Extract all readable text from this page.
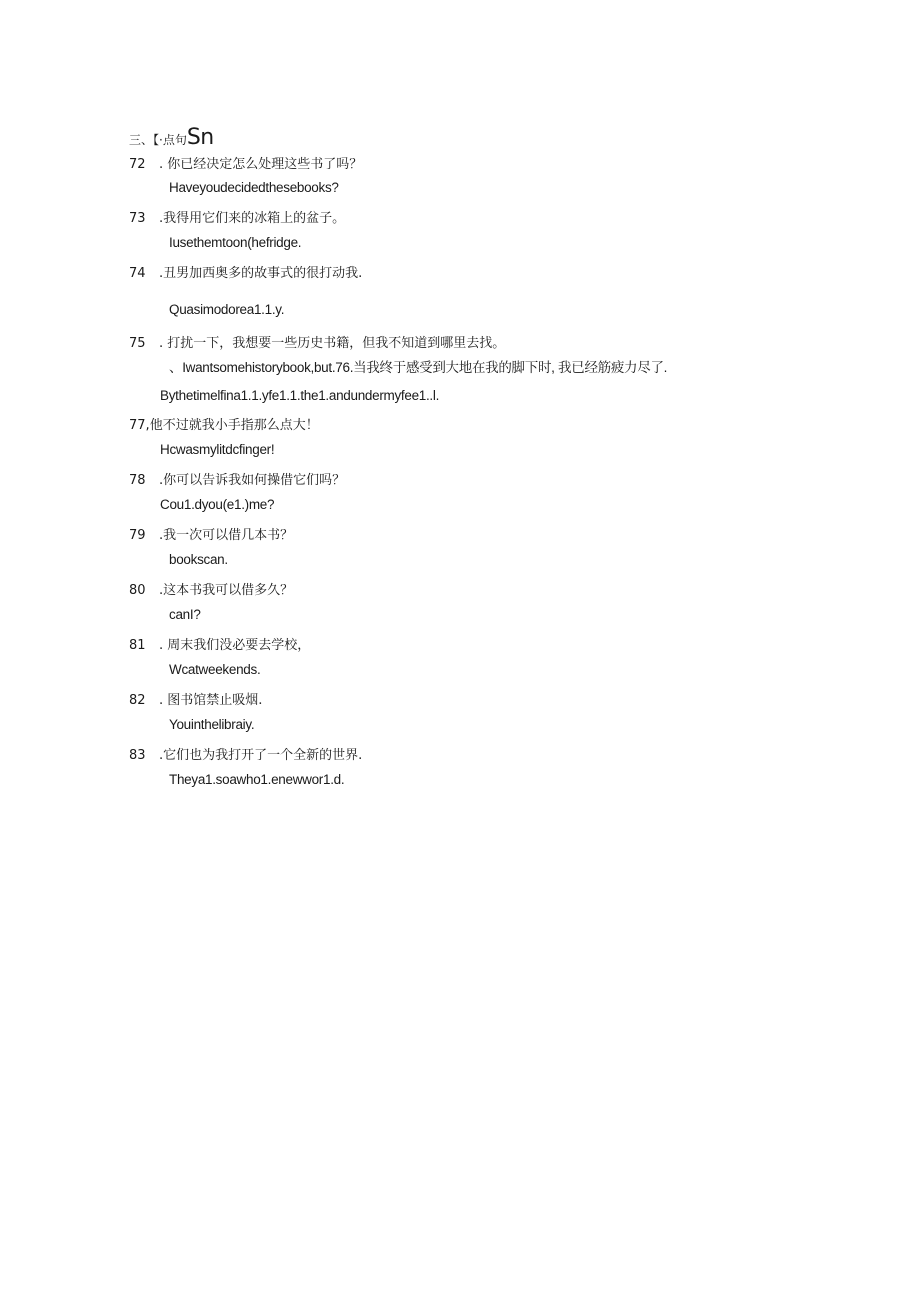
三、【·点句Sn
72 . 你已经决定怎么处理这些书了吗？
Haveyoudecidedthesebooks?
73 .我得用它们来的冰箱上的盆子。
Iusethemtoon(hefridge.
74 .丑男加西奥多的故事式的很打动我.
Quasimodorea1.1.y.
75 . 打扰一下，我想要一些历史书籍，但我不知道到哪里去找。
、Iwantsomehistorybook,but.76.当我终于感受到大地在我的脚下时, 我已经筋疲力尽了.
Bythetimelfina1.1.yfe1.1.the1.andundermyfee1..l.
77,他不过就我小手指那么点大！
Hcwasmylitdcfinger!
78 .你可以告诉我如何操借它们吗？
Cou1.dyou(e1.)me?
79 .我一次可以借几本书？
bookscan.
80 .这本书我可以借多久？
canI?
81 . 周末我们没必要去学校，
Wcatweekends.
82 . 图书馆禁止吸烟.
Youinthelibraiy.
83 .它们也为我打开了一个全新的世界.
Theya1.soawho1.enewwor1.d.
